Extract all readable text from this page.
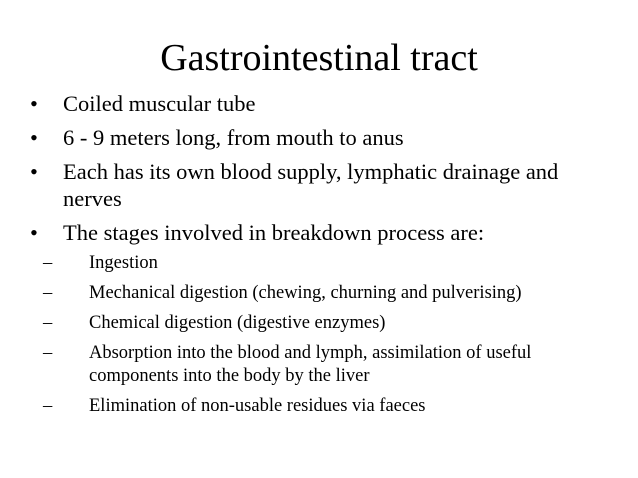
Gastrointestinal tract
• Coiled muscular tube
• 6 - 9 meters long, from mouth to anus
• Each has its own blood supply, lymphatic drainage and nerves
• The stages involved in breakdown process are:
– Ingestion
– Mechanical digestion (chewing, churning and pulverising)
– Chemical digestion (digestive enzymes)
– Absorption into the blood and lymph, assimilation of useful components into the body by the liver
– Elimination of non-usable residues via faeces
